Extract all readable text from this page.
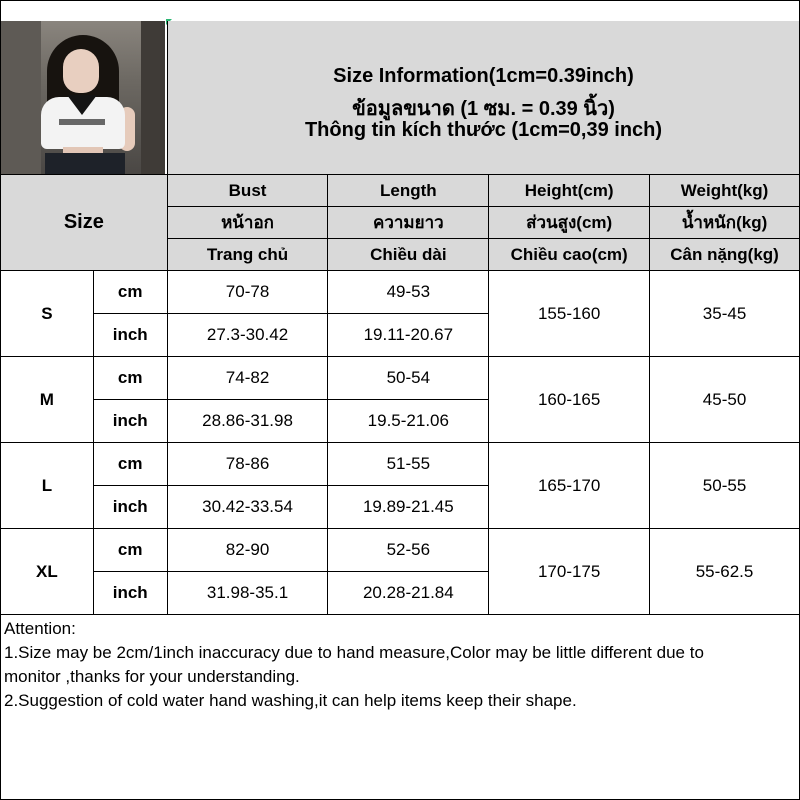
Size Information(1cm=0.39inch)
ข้อมูลขนาด (1 ซม. = 0.39 นิ้ว)
Thông tin kích thước (1cm=0,39 inch)
Size		Bust	Length	Height(cm)	Weight(kg)
		หน้าอก	ความยาว	ส่วนสูง(cm)	น้ำหนัก(kg)
		Trang chủ	Chiều dài	Chiều cao(cm)	Cân nặng(kg)
S	cm	70-78	49-53	155-160	35-45
	inch	27.3-30.42	19.11-20.67		
M	cm	74-82	50-54	160-165	45-50
	inch	28.86-31.98	19.5-21.06		
L	cm	78-86	51-55	165-170	50-55
	inch	30.42-33.54	19.89-21.45		
XL	cm	82-90	52-56	170-175	55-62.5
	inch	31.98-35.1	20.28-21.84		
Attention:
1.Size may be 2cm/1inch inaccuracy due to hand measure,Color may be little different due to
monitor ,thanks for your understanding.
2.Suggestion of cold water hand washing,it can help items keep their shape.
